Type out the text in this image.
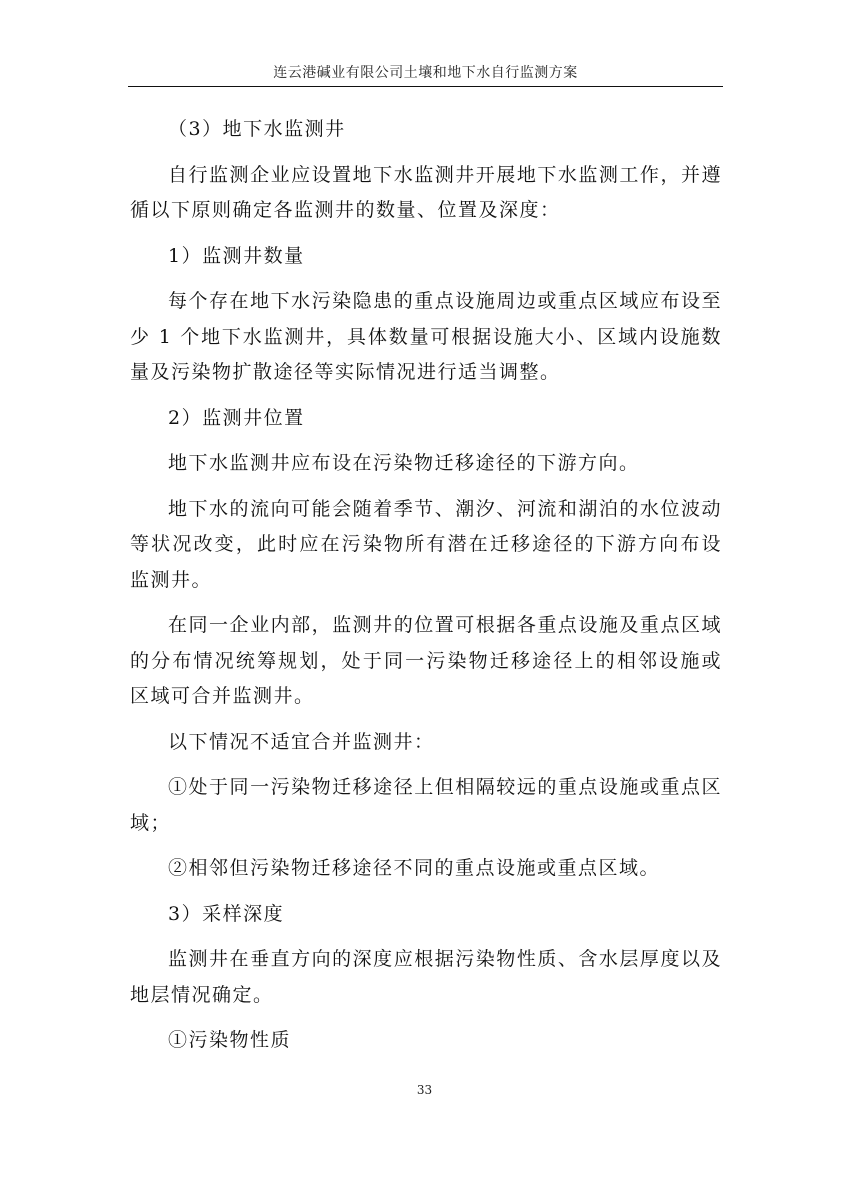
连云港碱业有限公司土壤和地下水自行监测方案

（3）地下水监测井

自行监测企业应设置地下水监测井开展地下水监测工作，并遵循以下原则确定各监测井的数量、位置及深度：

1）监测井数量

每个存在地下水污染隐患的重点设施周边或重点区域应布设至少 1 个地下水监测井，具体数量可根据设施大小、区域内设施数量及污染物扩散途径等实际情况进行适当调整。

2）监测井位置

地下水监测井应布设在污染物迁移途径的下游方向。

地下水的流向可能会随着季节、潮汐、河流和湖泊的水位波动等状况改变，此时应在污染物所有潜在迁移途径的下游方向布设监测井。

在同一企业内部，监测井的位置可根据各重点设施及重点区域的分布情况统筹规划，处于同一污染物迁移途径上的相邻设施或区域可合并监测井。

以下情况不适宜合并监测井：

①处于同一污染物迁移途径上但相隔较远的重点设施或重点区域；

②相邻但污染物迁移途径不同的重点设施或重点区域。

3）采样深度

监测井在垂直方向的深度应根据污染物性质、含水层厚度以及地层情况确定。

①污染物性质

33
